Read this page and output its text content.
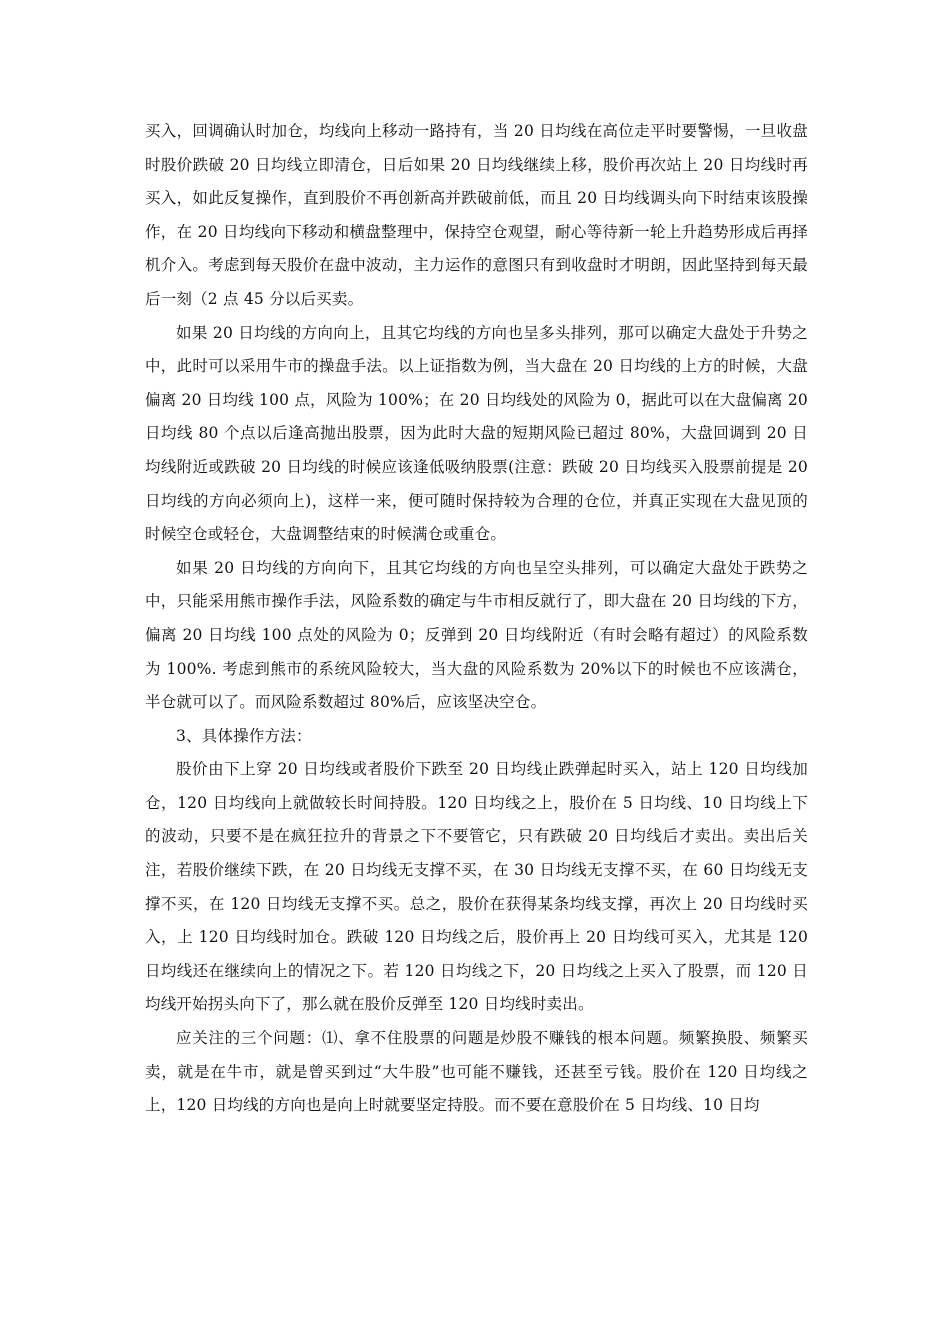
买入，回调确认时加仓，均线向上移动一路持有，当 20 日均线在高位走平时要警惕，一旦收盘时股价跌破 20 日均线立即清仓，日后如果 20 日均线继续上移，股价再次站上 20 日均线时再买入，如此反复操作，直到股价不再创新高并跌破前低，而且 20 日均线调头向下时结束该股操作，在 20 日均线向下移动和横盘整理中，保持空仓观望，耐心等待新一轮上升趋势形成后再择机介入。考虑到每天股价在盘中波动，主力运作的意图只有到收盘时才明朗，因此坚持到每天最后一刻（2 点 45 分以后买卖。

如果 20 日均线的方向向上，且其它均线的方向也呈多头排列，那可以确定大盘处于升势之中，此时可以采用牛市的操盘手法。以上证指数为例，当大盘在 20 日均线的上方的时候，大盘偏离 20 日均线 100 点，风险为 100%；在 20 日均线处的风险为 0，据此可以在大盘偏离 20 日均线 80 个点以后逢高抛出股票，因为此时大盘的短期风险已超过 80%，大盘回调到 20 日均线附近或跌破 20 日均线的时候应该逢低吸纳股票(注意：跌破 20 日均线买入股票前提是 20 日均线的方向必须向上)，这样一来，便可随时保持较为合理的仓位，并真正实现在大盘见顶的时候空仓或轻仓，大盘调整结束的时候满仓或重仓。

如果 20 日均线的方向向下，且其它均线的方向也呈空头排列，可以确定大盘处于跌势之中，只能采用熊市操作手法，风险系数的确定与牛市相反就行了，即大盘在 20 日均线的下方，偏离 20 日均线 100 点处的风险为 0；反弹到 20 日均线附近（有时会略有超过）的风险系数为 100%. 考虑到熊市的系统风险较大，当大盘的风险系数为 20%以下的时候也不应该满仓，半仓就可以了。而风险系数超过 80%后，应该坚决空仓。

3、具体操作方法：

股价由下上穿 20 日均线或者股价下跌至 20 日均线止跌弹起时买入，站上 120 日均线加仓，120 日均线向上就做较长时间持股。120 日均线之上，股价在 5 日均线、10 日均线上下的波动，只要不是在疯狂拉升的背景之下不要管它，只有跌破 20 日均线后才卖出。卖出后关注，若股价继续下跌，在 20 日均线无支撑不买，在 30 日均线无支撑不买，在 60 日均线无支撑不买，在 120 日均线无支撑不买。总之，股价在获得某条均线支撑，再次上 20 日均线时买入，上 120 日均线时加仓。跌破 120 日均线之后，股价再上 20 日均线可买入，尤其是 120 日均线还在继续向上的情况之下。若 120 日均线之下，20 日均线之上买入了股票，而 120 日均线开始拐头向下了，那么就在股价反弹至 120 日均线时卖出。

应关注的三个问题：⑴、拿不住股票的问题是炒股不赚钱的根本问题。频繁换股、频繁买卖，就是在牛市，就是曾买到过“大牛股”也可能不赚钱，还甚至亏钱。股价在 120 日均线之上，120 日均线的方向也是向上时就要坚定持股。而不要在意股价在 5 日均线、10 日均
